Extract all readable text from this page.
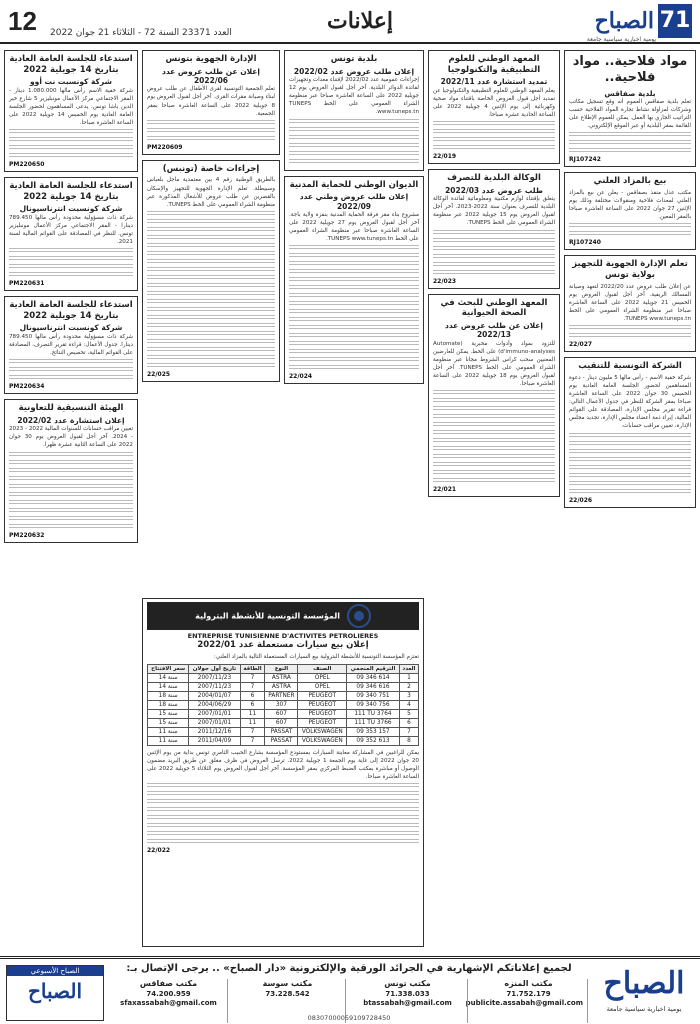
71
الصباح
يومية اخبارية سياسية جامعة
إعلانات
12 العدد 23371 السنة 72 - الثلاثاء 21 جوان 2022
مواد فلاحية.. مواد فلاحية..
بلدية صفاقس

تعلم بلدية صفاقس العموم أنه وقع تسجيل مكاتب وشركات لمزاولة نشاط تجارة المواد الفلاحية حسب التراتيب الجاري بها العمل. يمكن للعموم الإطلاع على القائمة بمقر البلدية أو عبر الموقع الإلكتروني.

RJ107242
بيع بالمزاد العلني

مكتب عدل منفذ بصفاقس - يعلن عن بيع بالمزاد العلني لمعدات فلاحية ومنقولات مختلفة وذلك يوم الإثنين 27 جوان 2022 على الساعة العاشرة صباحا بالمقر المعين.

RJ107240
تعلم الإدارة الجهوية للتجهيز بولاية تونس

عن إعلان طلب عروض عدد 2022/20 لتعهد وصيانة المسالك الريفية. آخر أجل لقبول العروض يوم الخميس 21 جويلية 2022 على الساعة العاشرة صباحا عبر منظومة الشراء العمومي على الخط TUNEPS www.tuneps.tn.

22/027
الشركة التونسية للتنقيب

شركة خفية الاسم - رأس مالها 5 مليون دينار - دعوة المساهمين لحضور الجلسة العامة العادية يوم الخميس 30 جوان 2022 على الساعة العاشرة صباحا بمقر الشركة للنظر في جدول الأعمال التالي: قراءة تقرير مجلس الإدارة، المصادقة على القوائم المالية، إبراء ذمة أعضاء مجلس الإدارة، تجديد مجلس الإدارة، تعيين مراقب حسابات.

22/026
المعهد الوطني للعلوم التطبيقية والتكنولوجيا
تمديد استشارة عدد 2022/11

يعلم المعهد الوطني للعلوم التطبيقية والتكنولوجيا عن تمديد أجل قبول العروض الخاصة باقتناء مواد صحية وكهربائية إلى يوم الإثنين 4 جويلية 2022 على الساعة الحادية عشرة صباحا.

22/019
الوكالة البلدية للتصرف
طلب عروض عدد 2022/03

يتعلق بإقتناء لوازم مكتبية ومعلوماتية لفائدة الوكالة البلدية للتصرف بعنوان سنة 2022-2023. آخر أجل لقبول العروض يوم 15 جويلية 2022 عبر منظومة الشراء العمومي على الخط TUNEPS.

22/023
المعهد الوطني للبحث في الصحة الحيوانية
إعلان عن طلب عروض عدد 2022/13

للتزود بمواد وأدوات مخبرية (Automate d'immuno-analyses) على الخط. يمكن للعارضين المعنيين سحب كراس الشروط مجانا عبر منظومة الشراء العمومي على الخط TUNEPS. آخر أجل لقبول العروض يوم 18 جويلية 2022 على الساعة العاشرة صباحا.

22/021
بلدية تونس
إعلان طلب عروض عدد 2022/02

إجراءات عمومية عدد 2022/02 لإقتناء معدات وتجهيزات لفائدة الدوائر البلدية. آخر أجل لقبول العروض يوم 12 جويلية 2022 على الساعة العاشرة صباحا عبر منظومة الشراء العمومي على الخط TUNEPS www.tuneps.tn.

الديوان الوطني للحماية المدنية
إعلان طلب عروض وطني عدد 2022/09

مشروع بناء مقر فرقة الحماية المدنية بنفزة ولاية باجة. آخر أجل لقبول العروض يوم 27 جويلية 2022 على الساعة العاشرة صباحا عبر منظومة الشراء العمومي على الخط TUNEPS www.tuneps.tn.

22/024
الإدارة الجهوية بتونس
إعلان عن طلب عروض عدد 2022/06

تعلم الجمعية التونسية لقرى الأطفال عن طلب عروض لبناء وصيانة مقرات القرى. آخر أجل لقبول العروض يوم 8 جويلية 2022 على الساعة العاشرة صباحا بمقر الجمعية.

PM220609
إجراءات خاصة (تونبس)

بالطريق الوطنية رقم 4 بين معتمدية ماجل بلعباس وسبيطلة. تعلم الإدارة الجهوية للتجهيز والإسكان بالقصرين عن طلب عروض للأشغال المذكورة عبر منظومة الشراء العمومي على الخط TUNEPS.

22/025
المؤسسة التونسية للأنشطة البترولية
ENTREPRISE TUNISIENNE D'ACTIVITES PETROLIERES
إعلان بيع سيارات مستعملة عدد 2022/01

تعتزم المؤسسة التونسية للأنشطة البترولية بيع السيارات المستعملة التالية بالمزاد العلني:

العدد	الترقيم المنجمي	الصنف	النوع	الطاقة	تاريخ أول جولان	سعر الافتتاح
1	09 346 614	OPEL	ASTRA	7	2007/11/23	14 سنة
2	09 346 616	OPEL	ASTRA	7	2007/11/23	14 سنة
3	09 340 751	PEUGEOT	PARTNER	6	2004/01/07	18 سنة
4	09 340 756	PEUGEOT	307	6	2004/06/29	18 سنة
5	111 TU 3764	PEUGEOT	607	11	2007/01/01	15 سنة
6	111 TU 3766	PEUGEOT	607	11	2007/01/01	15 سنة
7	09 353 157	VOLKSWAGEN	PASSAT	7	2011/12/16	11 سنة
8	09 352 613	VOLKSWAGEN	PASSAT	7	2011/04/09	11 سنة

يمكن للراغبين في المشاركة معاينة السيارات بمستودع المؤسسة بشارع الحبيب الثامري تونس بداية من يوم الإثنين 20 جوان 2022 إلى غاية يوم الجمعة 1 جويلية 2022. ترسل العروض في ظرف مغلق عن طريق البريد مضمون الوصول أو مباشرة بمكتب الضبط المركزي بمقر المؤسسة. آخر أجل لقبول العروض يوم الثلاثاء 5 جويلية 2022 على الساعة العاشرة صباحا.

22/022
استدعاء للجلسة العامة العادية بتاريخ 14 جويلية 2022
شركة كونسبت نت أوو

شركة خفية الاسم رأس مالها 1.080.000 دينار - المقر الاجتماعي مركز الأعمال مونبليزير 5 شارع خير الدين باشا تونس. يدعى المساهمون لحضور الجلسة العامة العادية يوم الخميس 14 جويلية 2022 على الساعة العاشرة صباحا.

PM220650
استدعاء للجلسة العامة العادية بتاريخ 14 جويلية 2022
شركة كونسبت انترناسيونال

شركة ذات مسؤولية محدودة رأس مالها 789.450 دينارا - المقر الاجتماعي مركز الأعمال مونبليزير تونس. للنظر في المصادقة على القوائم المالية لسنة 2021.

PM220631
استدعاء للجلسة العامة العادية بتاريخ 14 جويلية 2022
شركة كونسبت انترناسيونال

شركة ذات مسؤولية محدودة رأس مالها 789.450 دينارا. جدول الأعمال: قراءة تقرير التصرف، المصادقة على القوائم المالية، تخصيص النتائج.

PM220634
الهيئة التنسيقية للتعاونية
إعلان استشارة عدد 2022/02

تعيين مراقب حسابات للسنوات المالية 2022 - 2023 - 2024. آخر أجل لقبول العروض يوم 30 جوان 2022 على الساعة الثانية عشرة ظهرا.

PM220632
الصباح
يومية اخبارية سياسية جامعة
لجميع إعلاناتكم الإشهارية في الجرائد الورقية والإلكترونية «دار الصباح» .. يرجى الإتصال بـ:
مكتب المنزه
71.752.179
publicite.assabah@gmail.com
مكتب تونس
71.338.033
btassabah@gmail.com
مكتب سوسة
73.228.542
مكتب صفاقس
74.200.959
sfaxassabah@gmail.com
الصباح الأسبوعي
الصباح
08307000059109728450
